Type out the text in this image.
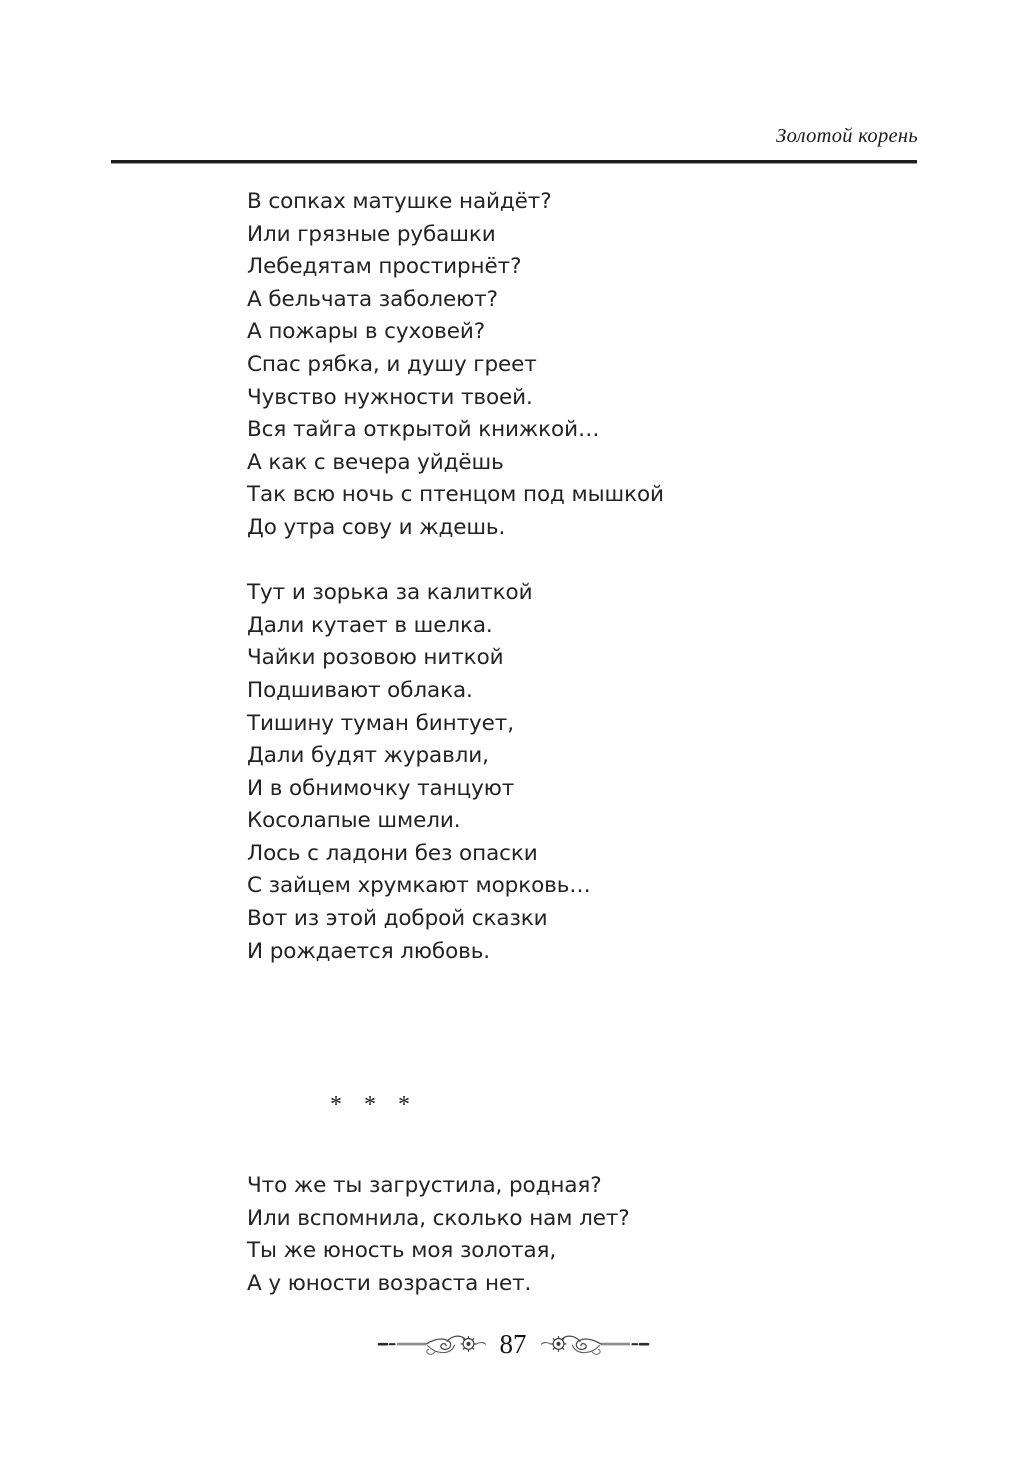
Золотой корень
В сопках матушке найдёт?
Или грязные рубашки
Лебедятам простирнёт?
А бельчата заболеют?
А пожары в суховей?
Спас рябка, и душу греет
Чувство нужности твоей.
Вся тайга открытой книжкой…
А как с вечера уйдёшь
Так всю ночь с птенцом под мышкой
До утра сову и ждешь.
Тут и зорька за калиткой
Дали кутает в шелка.
Чайки розовою ниткой
Подшивают облака.
Тишину туман бинтует,
Дали будят журавли,
И в обнимочку танцуют
Косолапые шмели.
Лось с ладони без опаски
С зайцем хрумкают морковь…
Вот из этой доброй сказки
И рождается любовь.
* * *
Что же ты загрустила, родная?
Или вспомнила, сколько нам лет?
Ты же юность моя золотая,
А у юности возраста нет.
87
